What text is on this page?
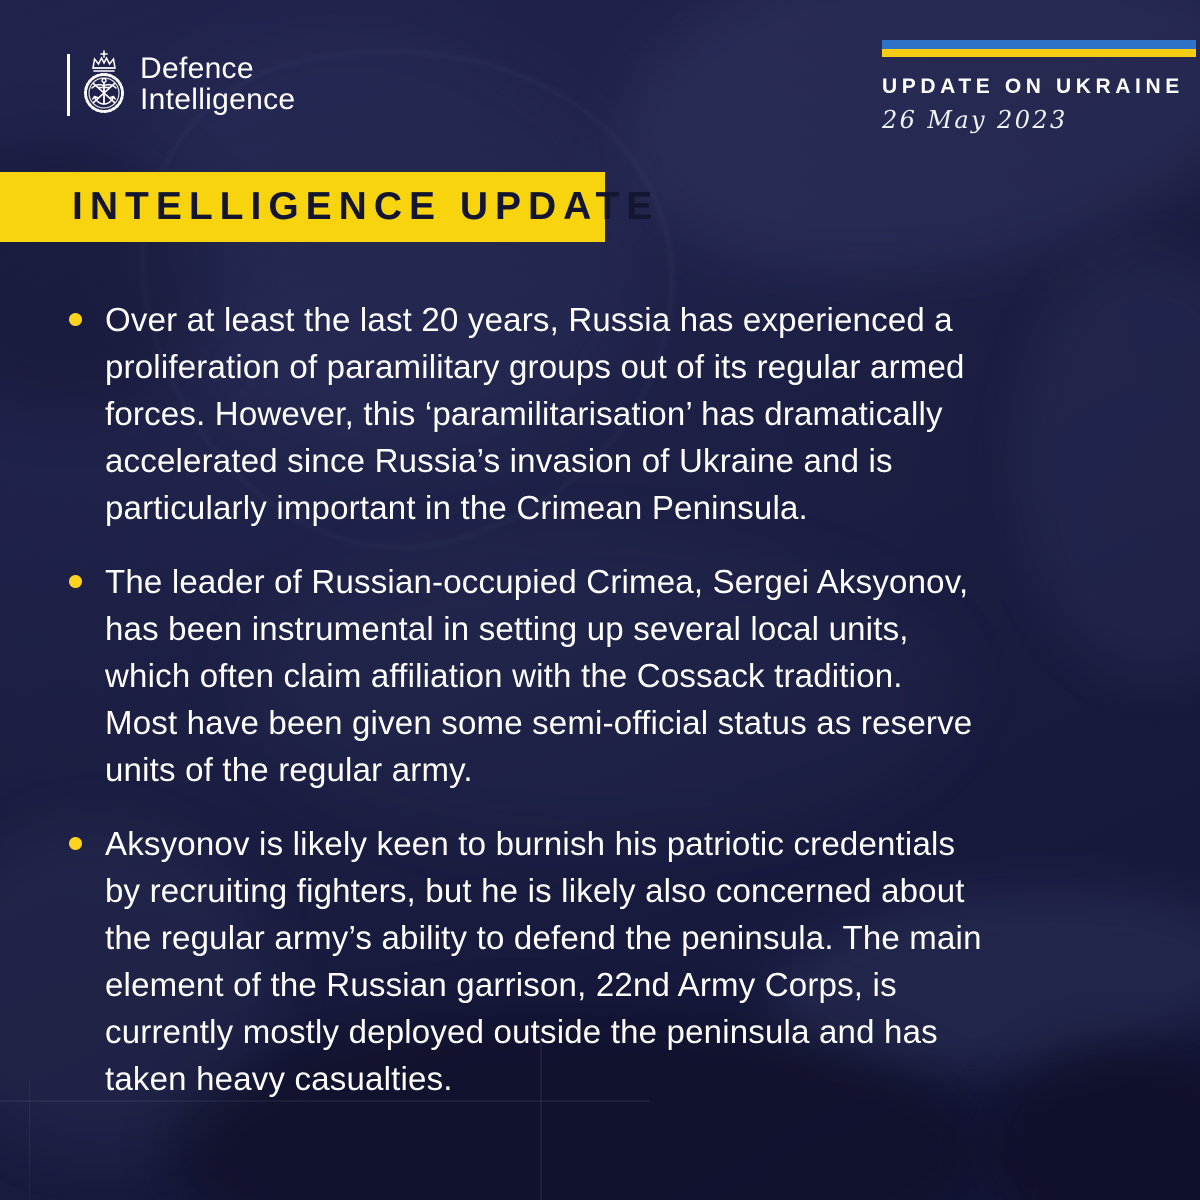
Defence
Intelligence	UPDATE ON UKRAINE
26 May 2023
INTELLIGENCE UPDATE
Over at least the last 20 years, Russia has experienced a
proliferation of paramilitary groups out of its regular armed
forces. However, this ‘paramilitarisation’ has dramatically
accelerated since Russia’s invasion of Ukraine and is
particularly important in the Crimean Peninsula.
The leader of Russian-occupied Crimea, Sergei Aksyonov,
has been instrumental in setting up several local units,
which often claim affiliation with the Cossack tradition.
Most have been given some semi-official status as reserve
units of the regular army.
Aksyonov is likely keen to burnish his patriotic credentials
by recruiting fighters, but he is likely also concerned about
the regular army’s ability to defend the peninsula. The main
element of the Russian garrison, 22nd Army Corps, is
currently mostly deployed outside the peninsula and has
taken heavy casualties.
